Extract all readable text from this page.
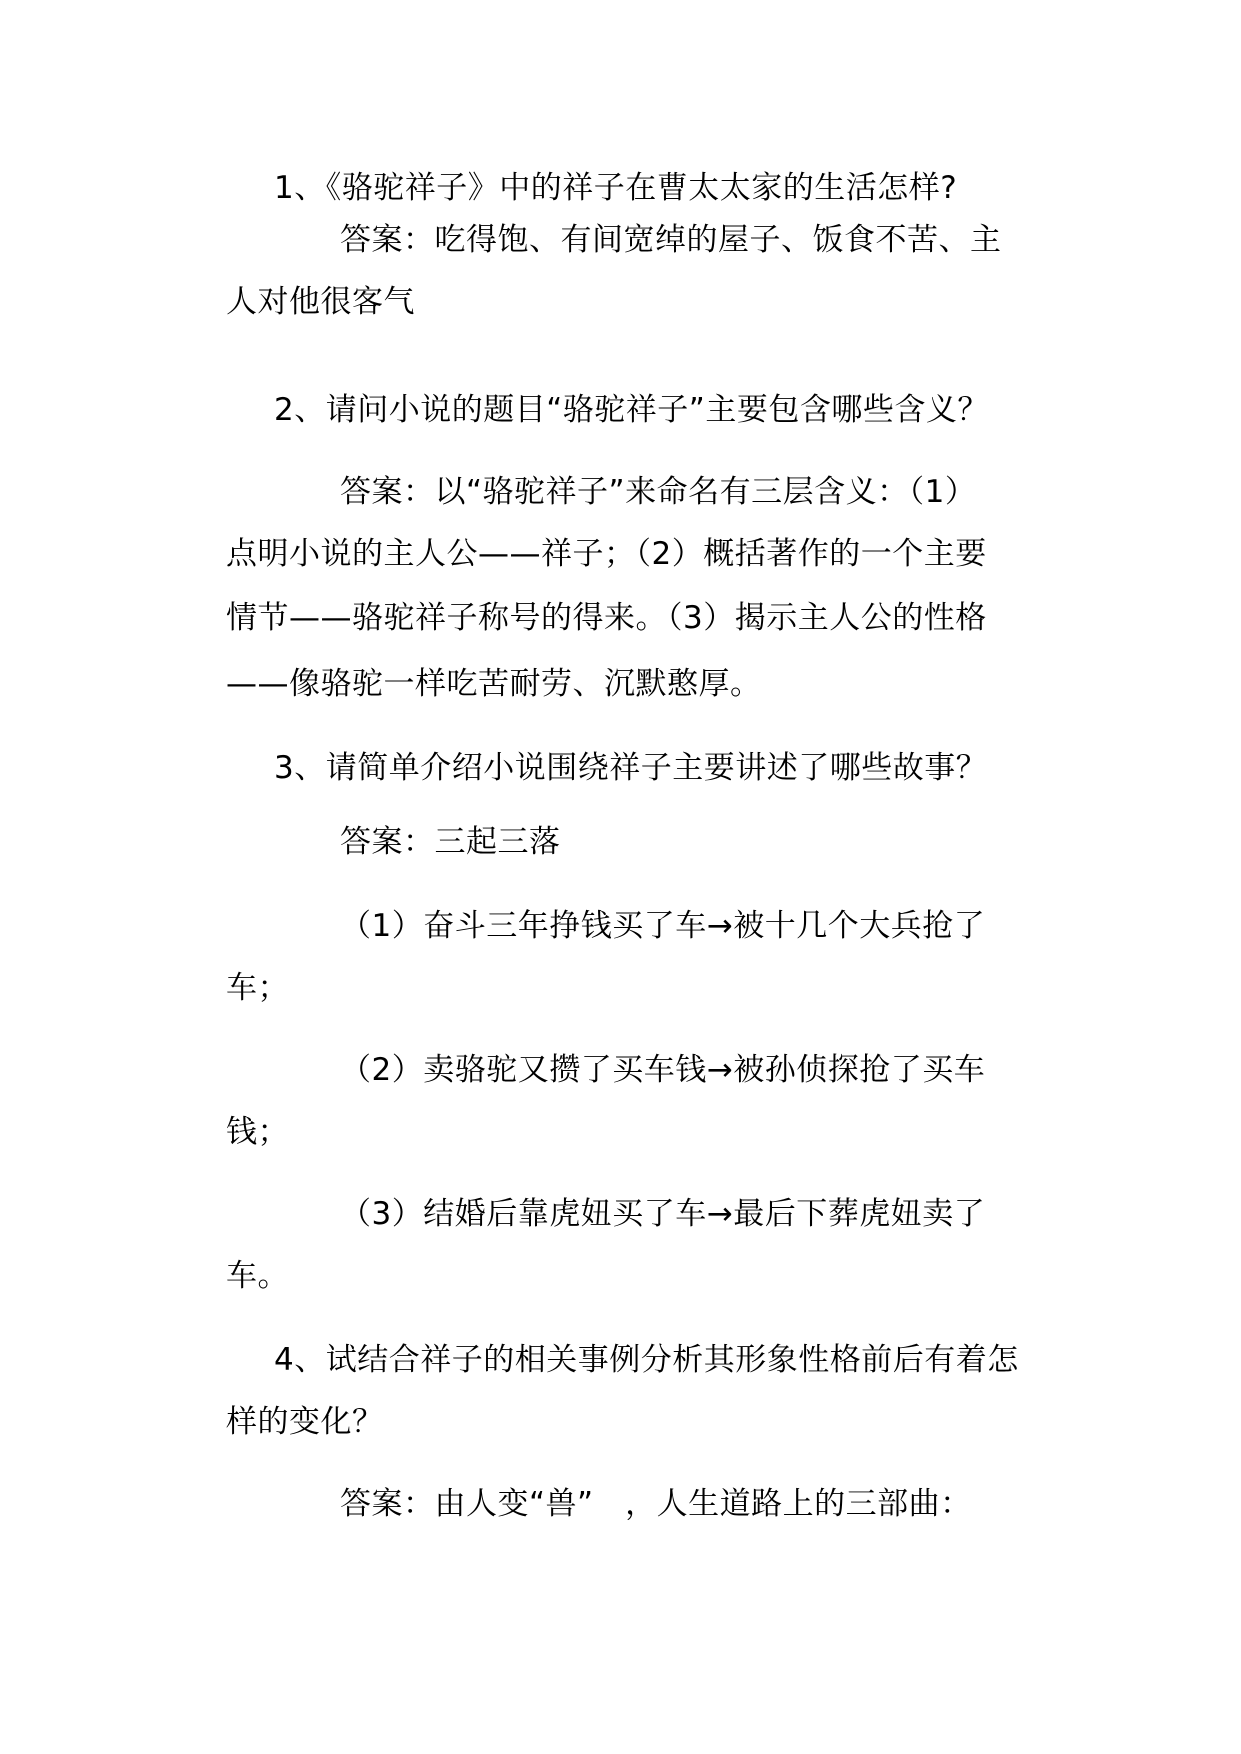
1、《骆驼祥子》中的祥子在曹太太家的生活怎样?
答案：吃得饱、有间宽绰的屋子、饭食不苦、主
人对他很客气
2、请问小说的题目“骆驼祥子”主要包含哪些含义？
答案：以“骆驼祥子”来命名有三层含义：（1）
点明小说的主人公——祥子；（2）概括著作的一个主要
情节——骆驼祥子称号的得来。（3）揭示主人公的性格
——像骆驼一样吃苦耐劳、沉默憨厚。
3、请简单介绍小说围绕祥子主要讲述了哪些故事？
答案：三起三落
（1）奋斗三年挣钱买了车→被十几个大兵抢了
车；
（2）卖骆驼又攒了买车钱→被孙侦探抢了买车
钱；
（3）结婚后靠虎妞买了车→最后下葬虎妞卖了
车。
4、试结合祥子的相关事例分析其形象性格前后有着怎
样的变化？
答案：由人变“兽”　，人生道路上的三部曲：
